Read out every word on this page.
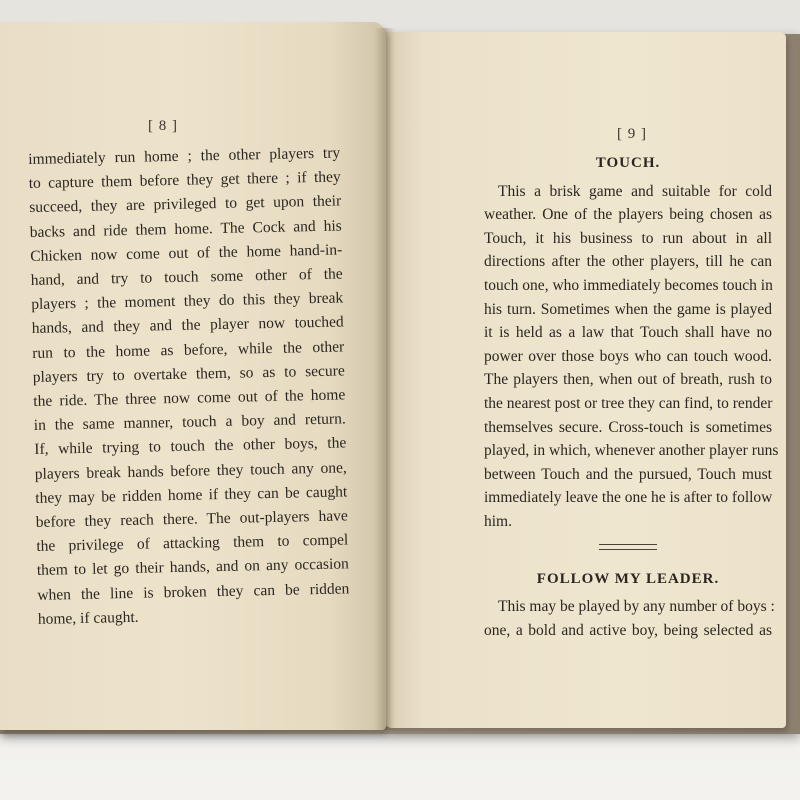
[ 8 ]	[ 9 ]
immediately run home ; the other players try
to capture them before they get there ; if they
succeed, they are privileged to get upon their
backs and ride them home. The Cock and his
Chicken now come out of the home hand-in-
hand, and try to touch some other of the
players ; the moment they do this they break
hands, and they and the player now touched
run to the home as before, while the other
players try to overtake them, so as to secure
the ride. The three now come out of the home
in the same manner, touch a boy and return.
If, while trying to touch the other boys, the
players break hands before they touch any one,
they may be ridden home if they can be caught
before they reach there. The out-players have
the privilege of attacking them to compel
them to let go their hands, and on any occasion
when the line is broken they can be ridden
home, if caught.
TOUCH.
This a brisk game and suitable for cold
weather. One of the players being chosen as
Touch, it his business to run about in all
directions after the other players, till he can
touch one, who immediately becomes touch in
his turn. Sometimes when the game is played
it is held as a law that Touch shall have no
power over those boys who can touch wood.
The players then, when out of breath, rush to
the nearest post or tree they can find, to render
themselves secure. Cross-touch is sometimes
played, in which, whenever another player runs
between Touch and the pursued, Touch must
immediately leave the one he is after to follow
him.
FOLLOW MY LEADER.
This may be played by any number of boys :
one, a bold and active boy, being selected as
